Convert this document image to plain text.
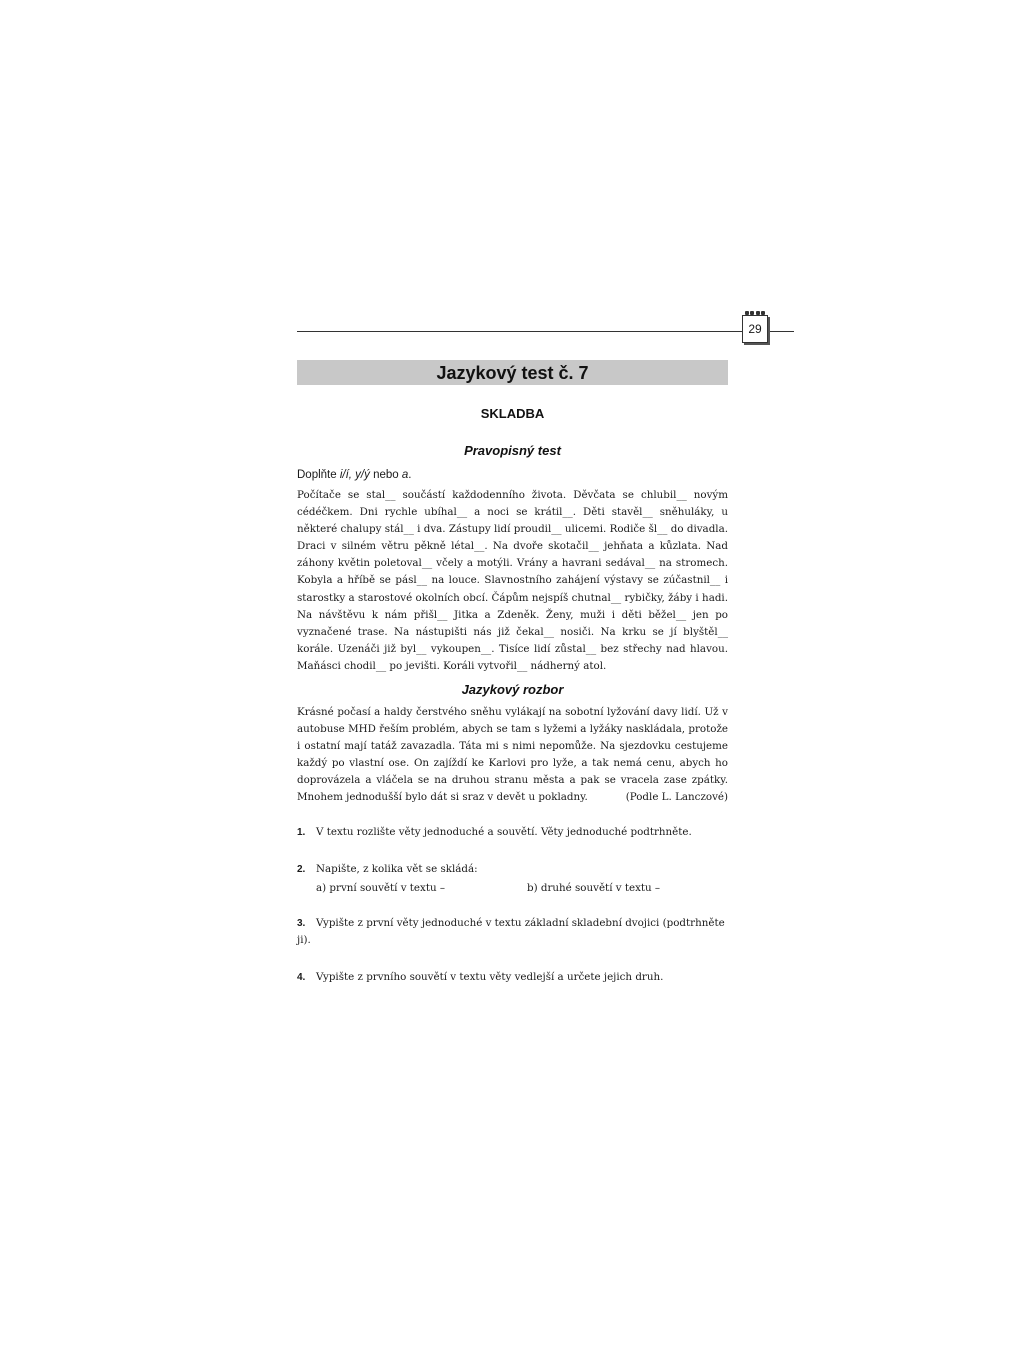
29
Jazykový test č. 7
SKLADBA
Pravopisný test
Doplňte i/í, y/ý nebo a.

Počítače se stal__ součástí každodenního života. Děvčata se chlubil__ novým cédéčkem. Dni rychle ubíhal__ a noci se krátil__. Děti stavěl__ sněhuláky, u některé chalupy stál__ i dva. Zástupy lidí proudil__ ulicemi. Rodiče šl__ do divadla. Draci v silném větru pěkně létal__. Na dvoře skotačil__ jehňata a kůzlata. Nad záhony květin poletoval__ včely a motýli. Vrány a havrani sedával__ na stromech. Kobyla a hříbě se pásl__ na louce. Slavnostního zahájení výstavy se zúčastnil__ i starostky a starostové okolních obcí. Čápům nejspíš chutnal__ rybičky, žáby i hadi. Na návštěvu k nám přišl__ Jitka a Zdeněk. Ženy, muži i děti běžel__ jen po vyznačené trase. Na nástupišti nás již čekal__ nosiči. Na krku se jí blyštěl__ korále. Uzenáči již byl__ vykoupen__. Tisíce lidí zůstal__ bez střechy nad hlavou. Maňásci chodil__ po jevišti. Koráli vytvořil__ nádherný atol.

Jazykový rozbor

Krásné počasí a haldy čerstvého sněhu vylákají na sobotní lyžování davy lidí. Už v autobuse MHD řeším problém, abych se tam s lyžemi a lyžáky naskládala, protože i ostatní mají tatáž zavazadla. Táta mi s nimi nepomůže. Na sjezdovku cestujeme každý po vlastní ose. On zajíždí ke Karlovi pro lyže, a tak nemá cenu, abych ho doprovázela a vláčela se na druhou stranu města a pak se vracela zase zpátky. Mnohem jednodušší bylo dát si sraz v devět u pokladny.	(Podle L. Lanczové)
1. V textu rozlište věty jednoduché a souvětí. Věty jednoduché podtrhněte.
2. Napište, z kolika vět se skládá:
a) první souvětí v textu –	b) druhé souvětí v textu –
3. Vypište z první věty jednoduché v textu základní skladební dvojici (podtrhněte ji).
4. Vypište z prvního souvětí v textu věty vedlejší a určete jejich druh.
